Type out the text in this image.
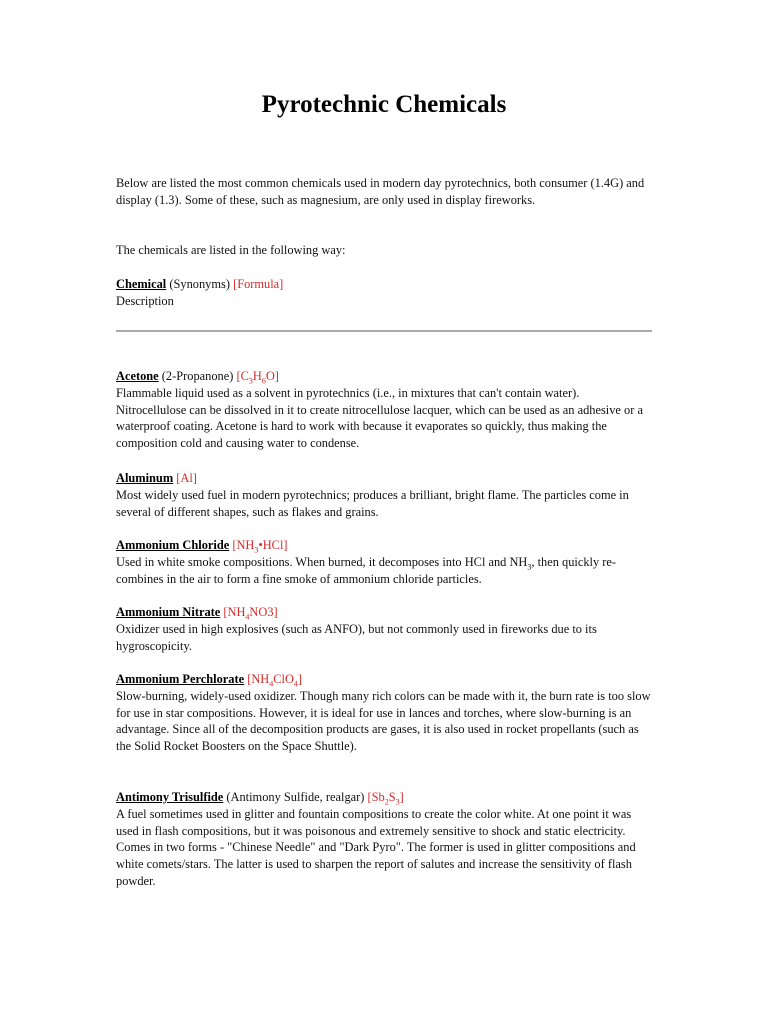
Pyrotechnic Chemicals

Below are listed the most common chemicals used in modern day pyrotechnics, both consumer (1.4G) and display (1.3). Some of these, such as magnesium, are only used in display fireworks.

The chemicals are listed in the following way:

Chemical (Synonyms) [Formula]

Description

Acetone (2-Propanone) $[C_3H_6O]$
Flammable liquid used as a solvent in pyrotechnics (i.e., in mixtures that can't contain water). Nitrocellulose can be dissolved in it to create nitrocellulose lacquer, which can be used as an adhesive or a waterproof coating. Acetone is hard to work with because it evaporates so quickly, thus making the composition cold and causing water to condense.
Aluminum [Al]
Most widely used fuel in modern pyrotechnics; produces a brilliant, bright flame. The particles come in several of different shapes, such as flakes and grains.
Ammonium Chloride $[NH_3•HCl]$
Used in white smoke compositions. When burned, it decomposes into HCl and $NH_3$, then quickly re-combines in the air to form a fine smoke of ammonium chloride particles.
Ammonium Nitrate $[NH_4NO3]$
Oxidizer used in high explosives (such as ANFO), but not commonly used in fireworks due to its hygroscopicity.
Ammonium Perchlorate $[NH_4ClO_4]$
Slow-burning, widely-used oxidizer. Though many rich colors can be made with it, the burn rate is too slow for use in star compositions. However, it is ideal for use in lances and torches, where slow-burning is an advantage. Since all of the decomposition products are gases, it is also used in rocket propellants (such as the Solid Rocket Boosters on the Space Shuttle).
Antimony Trisulfide (Antimony Sulfide, realgar) $[Sb_2S_3]$
A fuel sometimes used in glitter and fountain compositions to create the color white. At one point it was used in flash compositions, but it was poisonous and extremely sensitive to shock and static electricity. Comes in two forms - "Chinese Needle" and "Dark Pyro". The former is used in glitter compositions and white comets/stars. The latter is used to sharpen the report of salutes and increase the sensitivity of flash powder.
